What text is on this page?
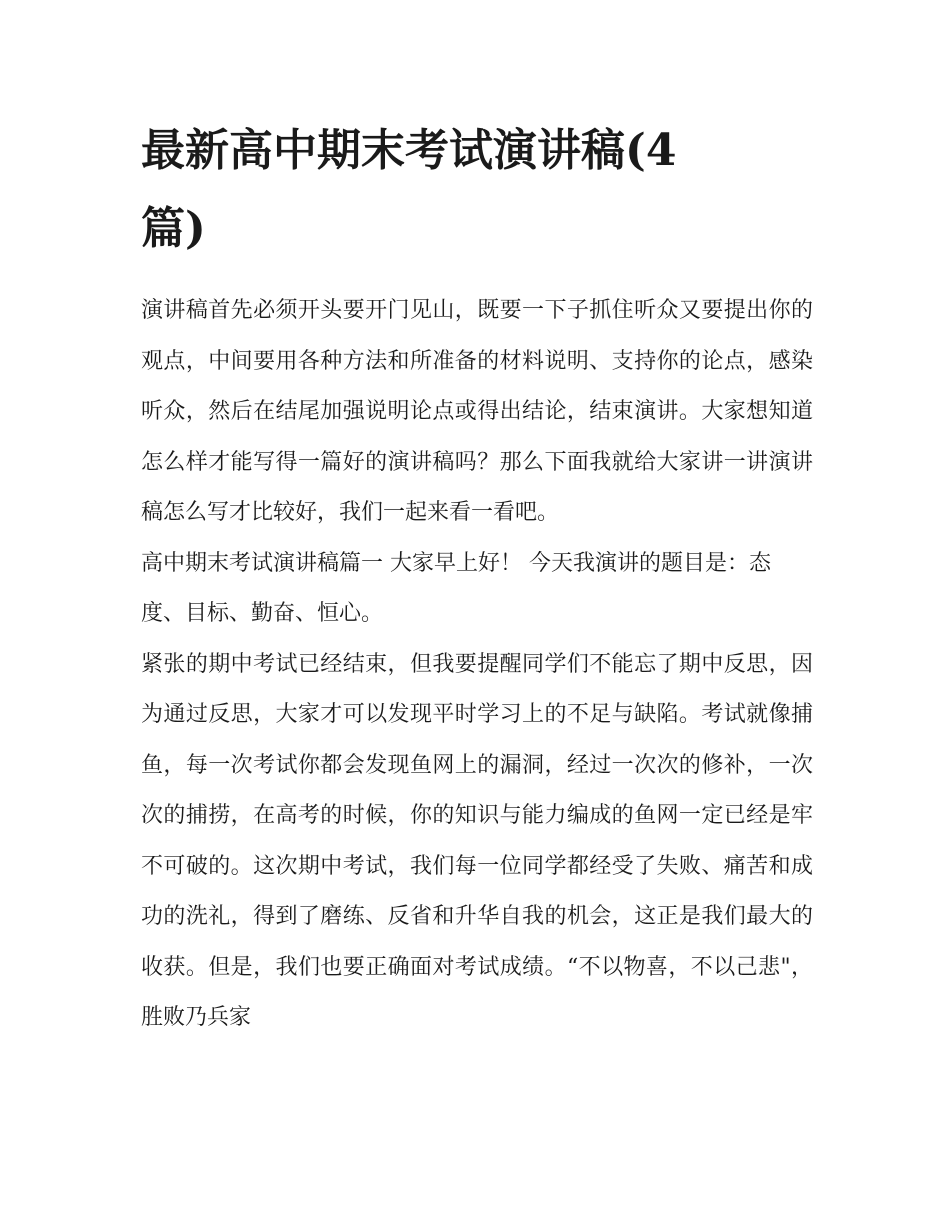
最新高中期末考试演讲稿(4篇)

演讲稿首先必须开头要开门见山，既要一下子抓住听众又要提出你的观点，中间要用各种方法和所准备的材料说明、支持你的论点，感染听众，然后在结尾加强说明论点或得出结论，结束演讲。大家想知道怎么样才能写得一篇好的演讲稿吗？那么下面我就给大家讲一讲演讲稿怎么写才比较好，我们一起来看一看吧。

高中期末考试演讲稿篇一 大家早上好！ 今天我演讲的题目是：态度、目标、勤奋、恒心。

紧张的期中考试已经结束，但我要提醒同学们不能忘了期中反思，因为通过反思，大家才可以发现平时学习上的不足与缺陷。考试就像捕鱼，每一次考试你都会发现鱼网上的漏洞，经过一次次的修补，一次次的捕捞，在高考的时候，你的知识与能力编成的鱼网一定已经是牢不可破的。这次期中考试，我们每一位同学都经受了失败、痛苦和成功的洗礼，得到了磨练、反省和升华自我的机会，这正是我们最大的收获。但是，我们也要正确面对考试成绩。“不以物喜，不以己悲"，胜败乃兵家
